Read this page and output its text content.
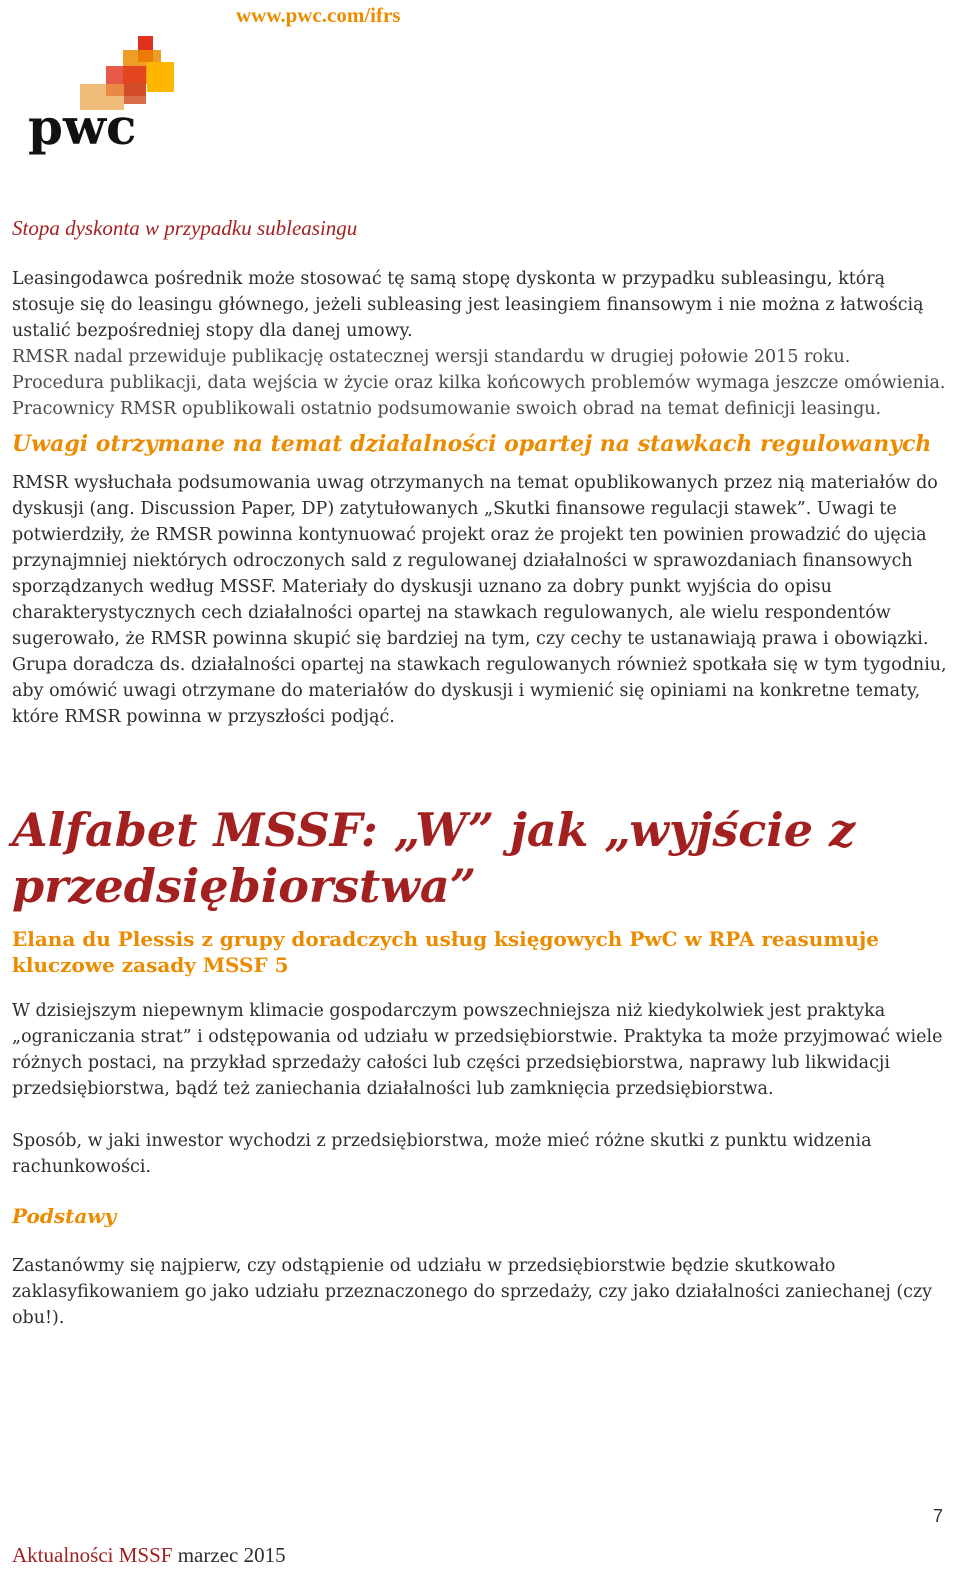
www.pwc.com/ifrs
pwc

Stopa dyskonta w przypadku subleasingu

Leasingodawca pośrednik może stosować tę samą stopę dyskonta w przypadku subleasingu, którą stosuje się do leasingu głównego, jeżeli subleasing jest leasingiem finansowym i nie można z łatwością ustalić bezpośredniej stopy dla danej umowy.

RMSR nadal przewiduje publikację ostatecznej wersji standardu w drugiej połowie 2015 roku. Procedura publikacji, data wejścia w życie oraz kilka końcowych problemów wymaga jeszcze omówienia. Pracownicy RMSR opublikowali ostatnio podsumowanie swoich obrad na temat definicji leasingu.

Uwagi otrzymane na temat działalności opartej na stawkach regulowanych

RMSR wysłuchała podsumowania uwag otrzymanych na temat opublikowanych przez nią materiałów do dyskusji (ang. Discussion Paper, DP) zatytułowanych „Skutki finansowe regulacji stawek”. Uwagi te potwierdziły, że RMSR powinna kontynuować projekt oraz że projekt ten powinien prowadzić do ujęcia przynajmniej niektórych odroczonych sald z regulowanej działalności w sprawozdaniach finansowych sporządzanych według MSSF. Materiały do dyskusji uznano za dobry punkt wyjścia do opisu charakterystycznych cech działalności opartej na stawkach regulowanych, ale wielu respondentów sugerowało, że RMSR powinna skupić się bardziej na tym, czy cechy te ustanawiają prawa i obowiązki. Grupa doradcza ds. działalności opartej na stawkach regulowanych również spotkała się w tym tygodniu, aby omówić uwagi otrzymane do materiałów do dyskusji i wymienić się opiniami na konkretne tematy, które RMSR powinna w przyszłości podjąć.

Alfabet MSSF: „W” jak „wyjście z przedsiębiorstwa”

Elana du Plessis z grupy doradczych usług księgowych PwC w RPA reasumuje kluczowe zasady MSSF 5

W dzisiejszym niepewnym klimacie gospodarczym powszechniejsza niż kiedykolwiek jest praktyka „ograniczania strat” i odstępowania od udziału w przedsiębiorstwie. Praktyka ta może przyjmować wiele różnych postaci, na przykład sprzedaży całości lub części przedsiębiorstwa, naprawy lub likwidacji przedsiębiorstwa, bądź też zaniechania działalności lub zamknięcia przedsiębiorstwa.

Sposób, w jaki inwestor wychodzi z przedsiębiorstwa, może mieć różne skutki z punktu widzenia rachunkowości.

Podstawy

Zastanówmy się najpierw, czy odstąpienie od udziału w przedsiębiorstwie będzie skutkowało zaklasyfikowaniem go jako udziału przeznaczonego do sprzedaży, czy jako działalności zaniechanej (czy obu!).

7
Aktualności MSSF marzec 2015
